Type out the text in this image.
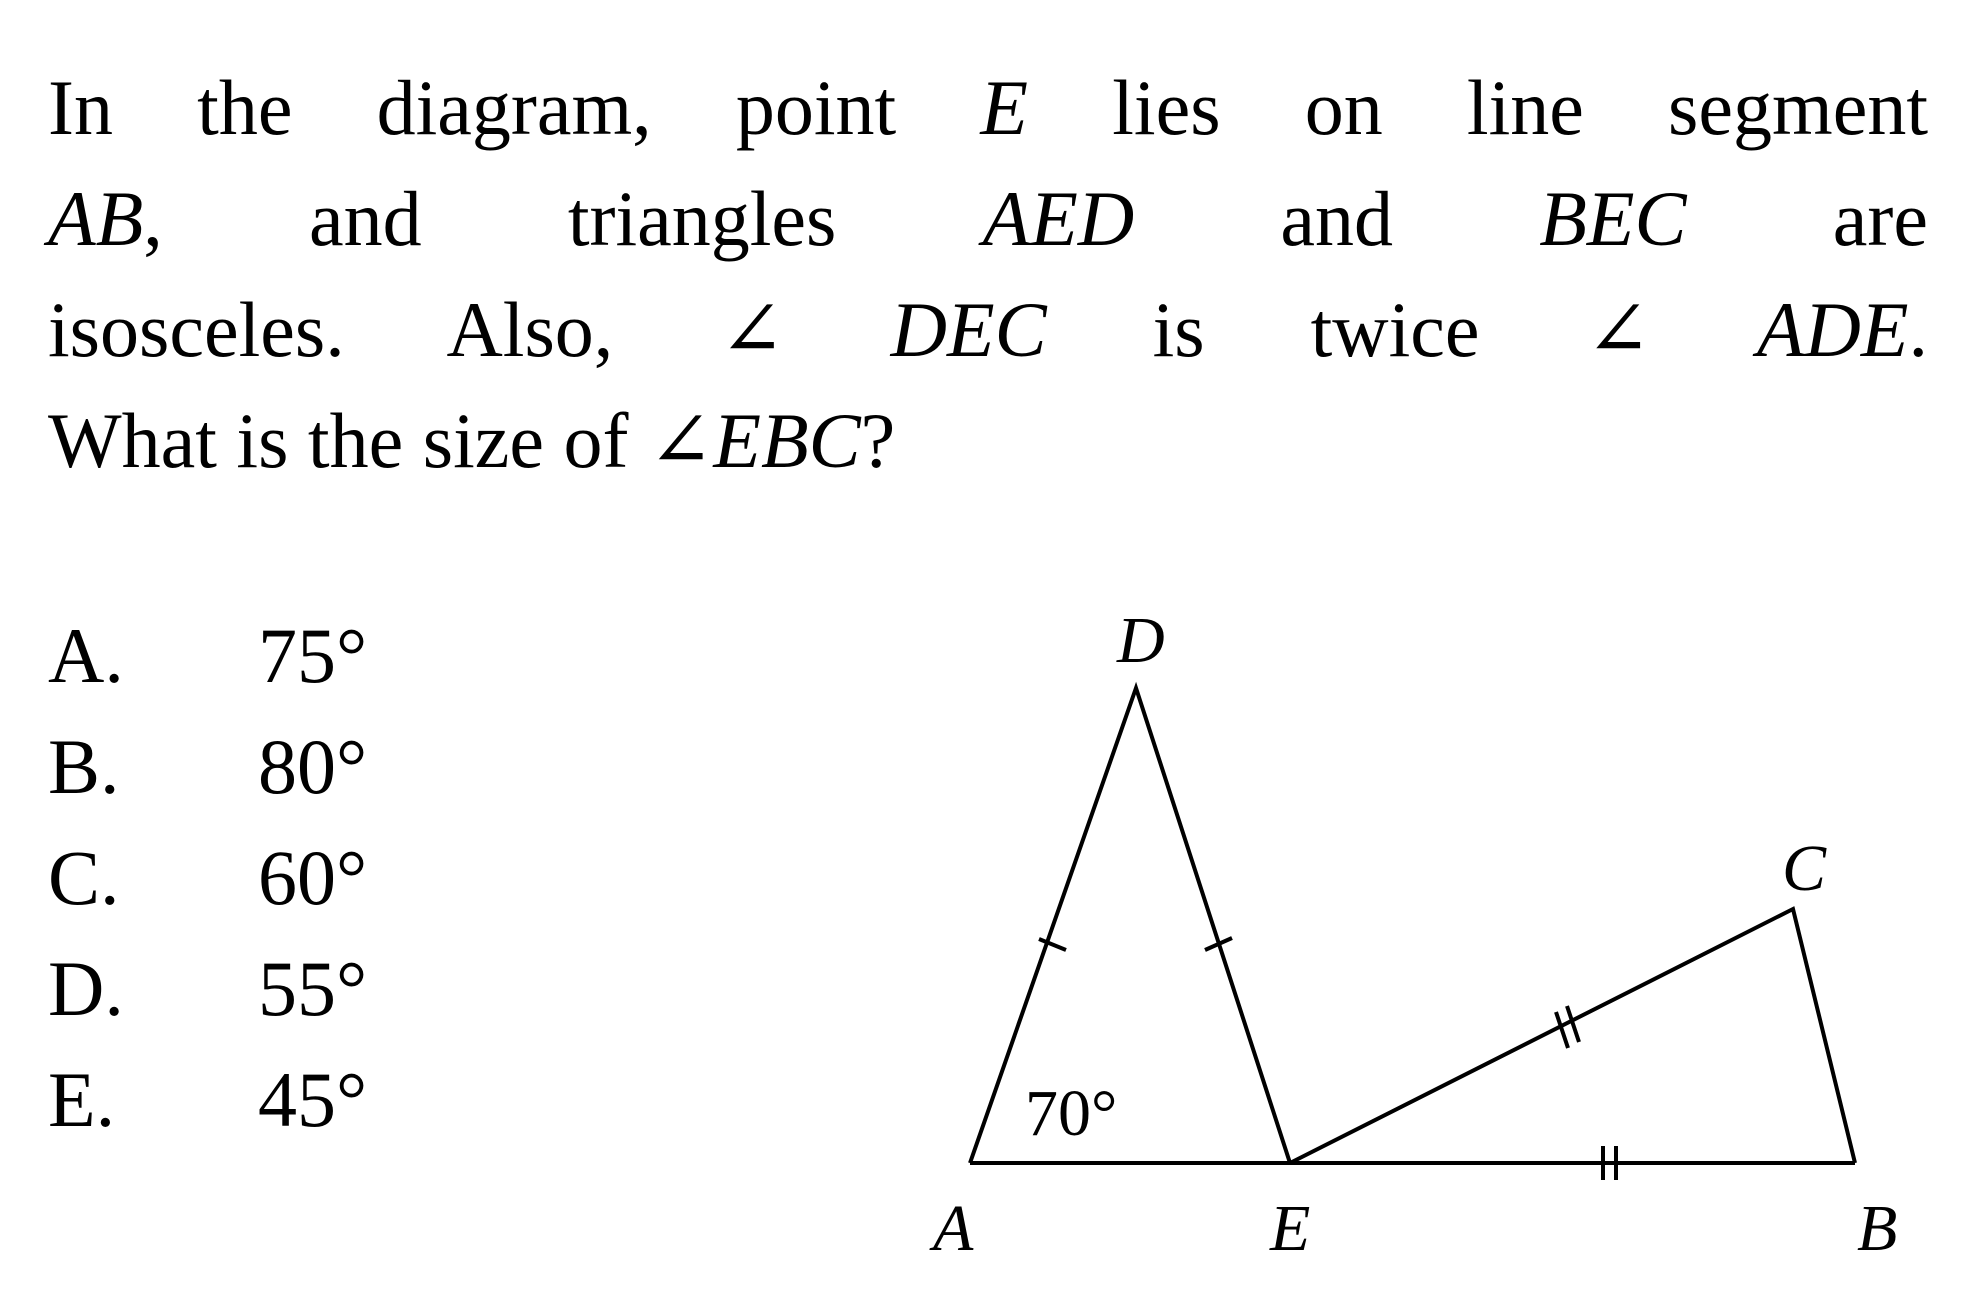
In the diagram, point E lies on line segment
AB, and triangles AED and BEC are
isosceles. Also, ∠ DEC is twice ∠ ADE.
What is the size of ∠EBC?
A. 75°
B. 80°
C. 60°
D. 55°
E. 45°
D
C
A	E	B
70°
